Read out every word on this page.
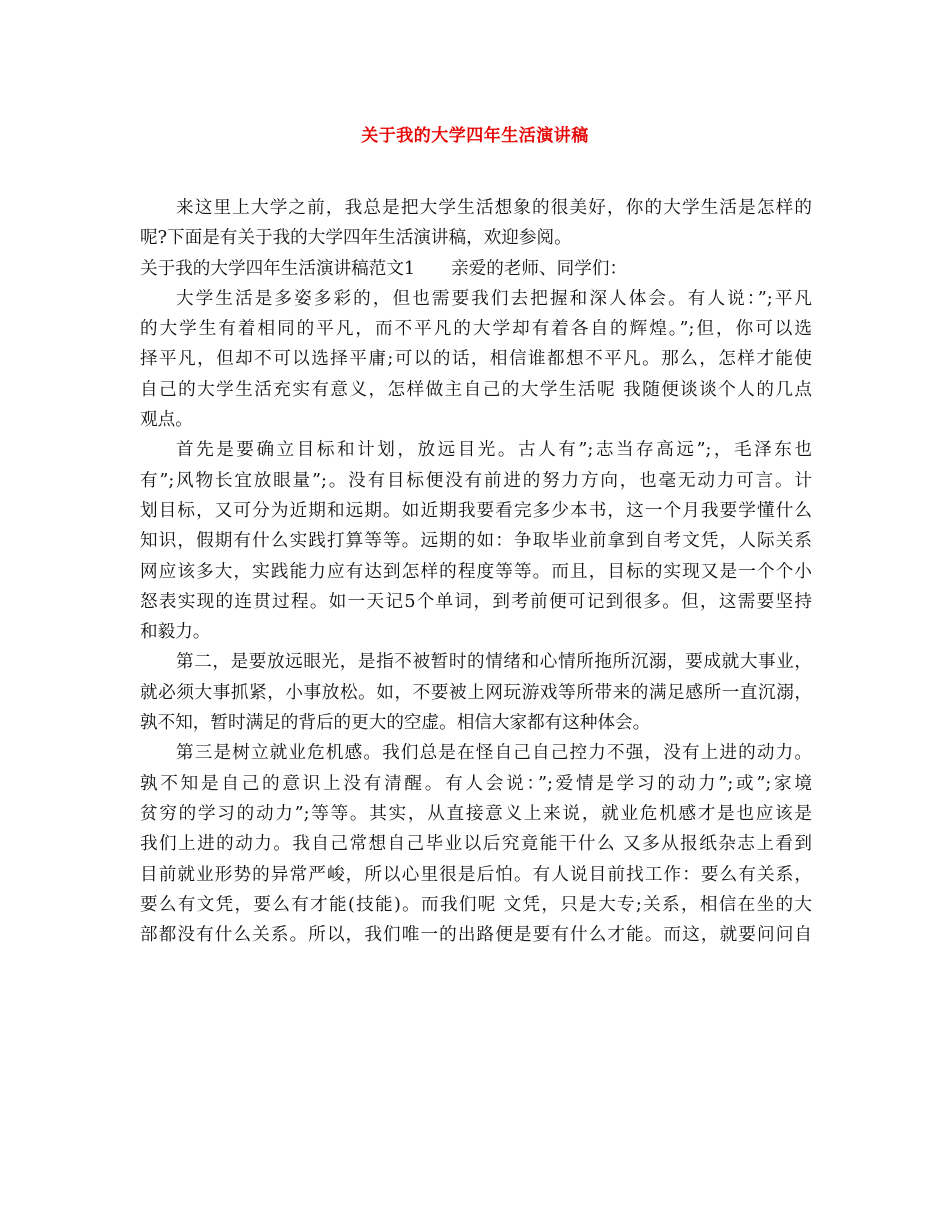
关于我的大学四年生活演讲稿
来这里上大学之前，我总是把大学生活想象的很美好，你的大学生活是怎样的
呢?下面是有关于我的大学四年生活演讲稿，欢迎参阅。
关于我的大学四年生活演讲稿范文1 亲爱的老师、同学们：
大学生活是多姿多彩的，但也需要我们去把握和深人体会。有人说：”;平凡
的大学生有着相同的平凡，而不平凡的大学却有着各自的辉煌。”;但，你可以选
择平凡，但却不可以选择平庸;可以的话，相信谁都想不平凡。那么，怎样才能使
自己的大学生活充实有意义，怎样做主自己的大学生活呢 我随便谈谈个人的几点
观点。
首先是要确立目标和计划，放远目光。古人有”;志当存高远”;，毛泽东也
有”;风物长宜放眼量”;。没有目标便没有前进的努力方向，也毫无动力可言。计
划目标，又可分为近期和远期。如近期我要看完多少本书，这一个月我要学懂什么
知识，假期有什么实践打算等等。远期的如：争取毕业前拿到自考文凭，人际关系
网应该多大，实践能力应有达到怎样的程度等等。而且，目标的实现又是一个个小
怒表实现的连贯过程。如一天记5个单词，到考前便可记到很多。但，这需要坚持
和毅力。
第二，是要放远眼光，是指不被暂时的情绪和心情所拖所沉溺，要成就大事业，
就必须大事抓紧，小事放松。如，不要被上网玩游戏等所带来的满足感所一直沉溺，
孰不知，暂时满足的背后的更大的空虚。相信大家都有这种体会。
第三是树立就业危机感。我们总是在怪自己自己控力不强，没有上进的动力。
孰不知是自己的意识上没有清醒。有人会说：”;爱情是学习的动力”;或”;家境
贫穷的学习的动力”;等等。其实，从直接意义上来说，就业危机感才是也应该是
我们上进的动力。我自己常想自己毕业以后究竟能干什么 又多从报纸杂志上看到
目前就业形势的异常严峻，所以心里很是后怕。有人说目前找工作：要么有关系，
要么有文凭，要么有才能(技能)。而我们呢 文凭，只是大专;关系，相信在坐的大
部都没有什么关系。所以，我们唯一的出路便是要有什么才能。而这，就要问问自
